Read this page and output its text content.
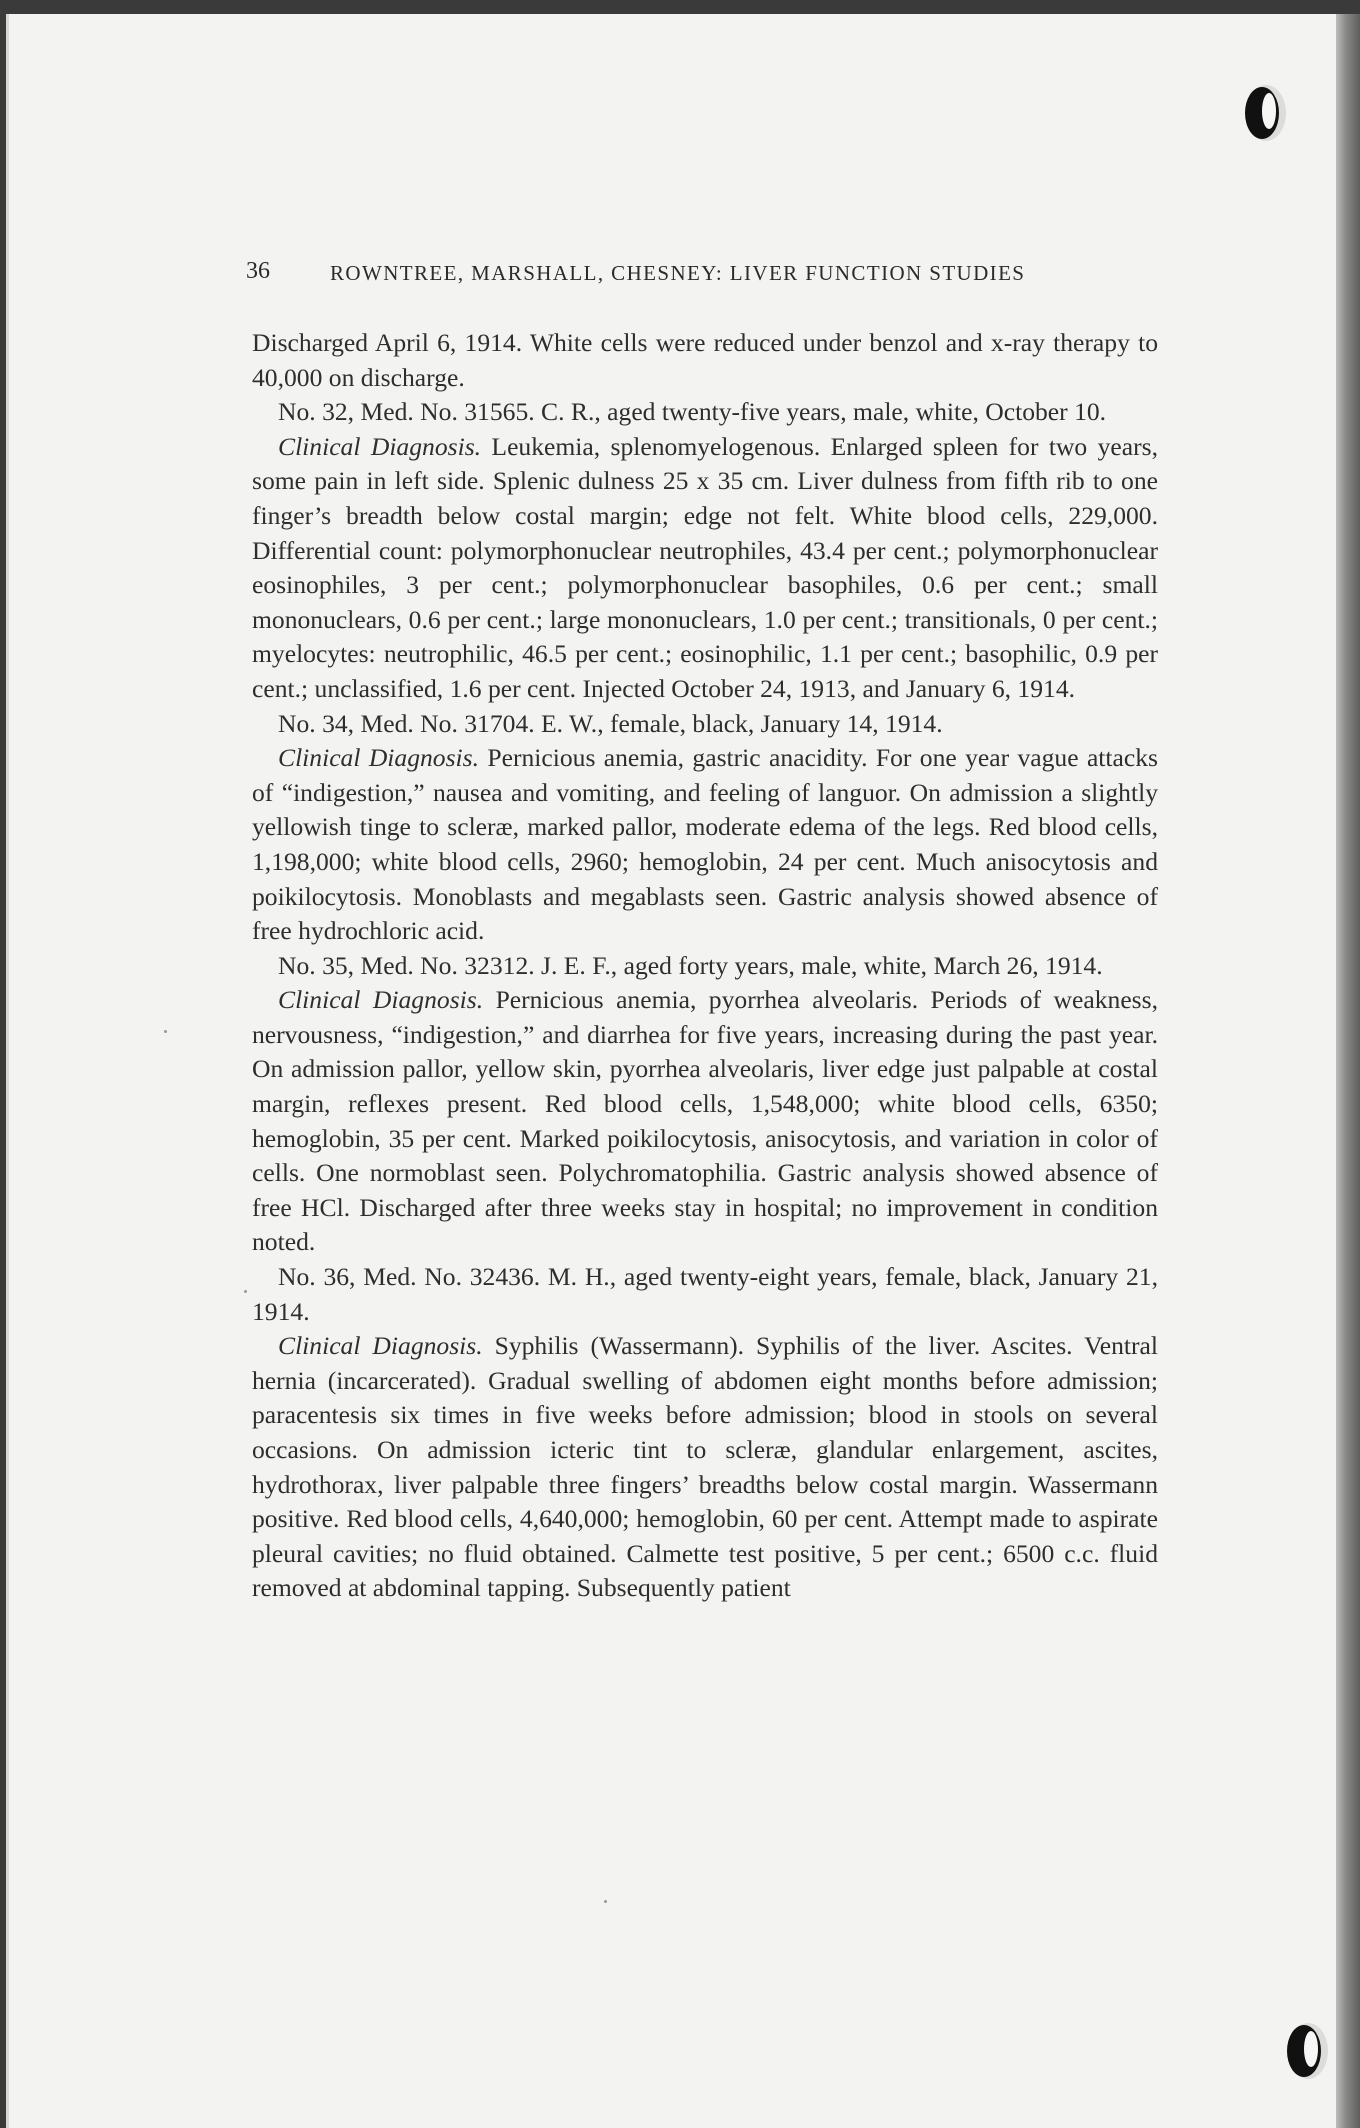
36	ROWNTREE, MARSHALL, CHESNEY: LIVER FUNCTION STUDIES

Discharged April 6, 1914. White cells were reduced under benzol and x-ray therapy to 40,000 on discharge.

No. 32, Med. No. 31565. C. R., aged twenty-five years, male, white, October 10.

Clinical Diagnosis. Leukemia, splenomyelogenous. Enlarged spleen for two years, some pain in left side. Splenic dulness 25 x 35 cm. Liver dulness from fifth rib to one finger’s breadth below costal margin; edge not felt. White blood cells, 229,000. Differential count: polymorphonuclear neutrophiles, 43.4 per cent.; polymorphonuclear eosinophiles, 3 per cent.; polymorphonuclear basophiles, 0.6 per cent.; small mononuclears, 0.6 per cent.; large mononuclears, 1.0 per cent.; transitionals, 0 per cent.; myelocytes: neutrophilic, 46.5 per cent.; eosinophilic, 1.1 per cent.; basophilic, 0.9 per cent.; unclassified, 1.6 per cent. Injected October 24, 1913, and January 6, 1914.

No. 34, Med. No. 31704. E. W., female, black, January 14, 1914.

Clinical Diagnosis. Pernicious anemia, gastric anacidity. For one year vague attacks of “indigestion,” nausea and vomiting, and feeling of languor. On admission a slightly yellowish tinge to scleræ, marked pallor, moderate edema of the legs. Red blood cells, 1,198,000; white blood cells, 2960; hemoglobin, 24 per cent. Much anisocytosis and poikilocytosis. Monoblasts and megablasts seen. Gastric analysis showed absence of free hydrochloric acid.

No. 35, Med. No. 32312. J. E. F., aged forty years, male, white, March 26, 1914.

Clinical Diagnosis. Pernicious anemia, pyorrhea alveolaris. Periods of weakness, nervousness, “indigestion,” and diarrhea for five years, increasing during the past year. On admission pallor, yellow skin, pyorrhea alveolaris, liver edge just palpable at costal margin, reflexes present. Red blood cells, 1,548,000; white blood cells, 6350; hemoglobin, 35 per cent. Marked poikilocytosis, anisocytosis, and variation in color of cells. One normoblast seen. Polychromatophilia. Gastric analysis showed absence of free HCl. Discharged after three weeks stay in hospital; no improvement in condition noted.

No. 36, Med. No. 32436. M. H., aged twenty-eight years, female, black, January 21, 1914.

Clinical Diagnosis. Syphilis (Wassermann). Syphilis of the liver. Ascites. Ventral hernia (incarcerated). Gradual swelling of abdomen eight months before admission; paracentesis six times in five weeks before admission; blood in stools on several occasions. On admission icteric tint to scleræ, glandular enlargement, ascites, hydrothorax, liver palpable three fingers’ breadths below costal margin. Wassermann positive. Red blood cells, 4,640,000; hemoglobin, 60 per cent. Attempt made to aspirate pleural cavities; no fluid obtained. Calmette test positive, 5 per cent.; 6500 c.c. fluid removed at abdominal tapping. Subsequently patient
